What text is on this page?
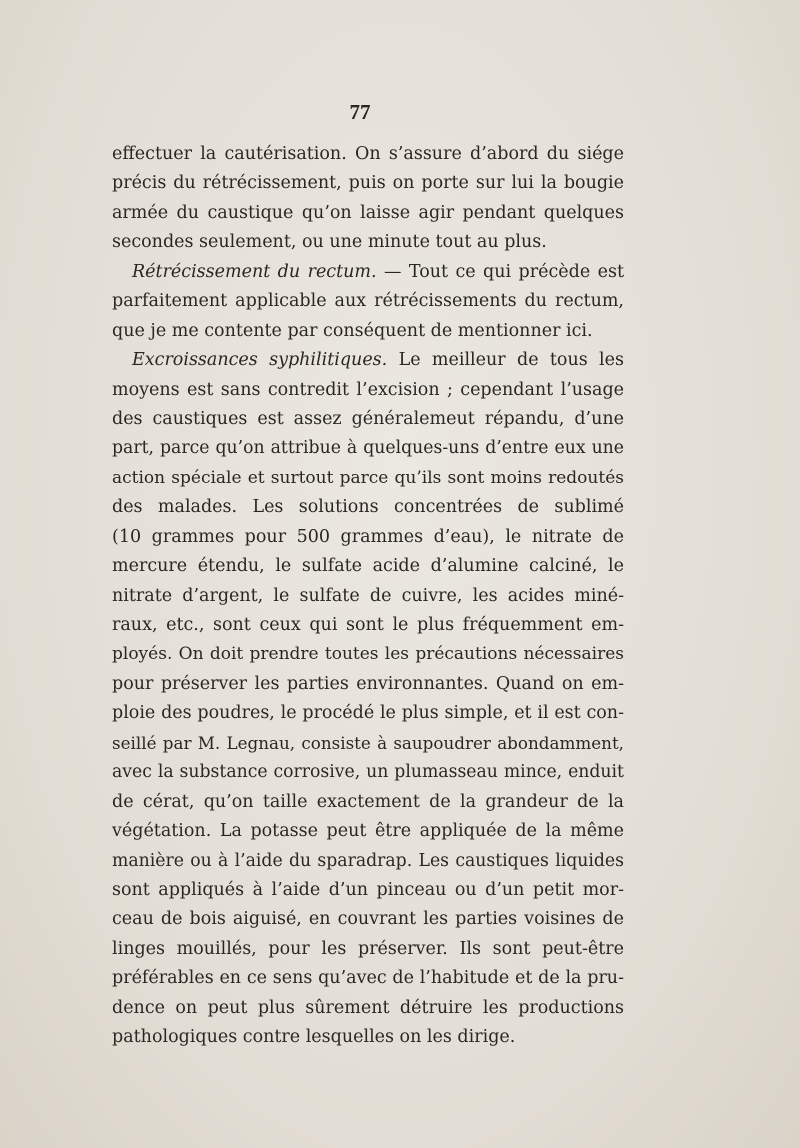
77
effectuer la cautérisation. On s’assure d’abord du siége
précis du rétrécissement, puis on porte sur lui la bougie
armée du caustique qu’on laisse agir pendant quelques
secondes seulement, ou une minute tout au plus.
Rétrécissement du rectum. — Tout ce qui précède est
parfaitement applicable aux rétrécissements du rectum,
que je me contente par conséquent de mentionner ici.
Excroissances syphilitiques. Le meilleur de tous les
moyens est sans contredit l’excision ; cependant l’usage
des caustiques est assez généralemeut répandu, d’une
part, parce qu’on attribue à quelques-uns d’entre eux une
action spéciale et surtout parce qu’ils sont moins redoutés
des malades. Les solutions concentrées de sublimé
(10 grammes pour 500 grammes d’eau), le nitrate de
mercure étendu, le sulfate acide d’alumine calciné, le
nitrate d’argent, le sulfate de cuivre, les acides miné-
raux, etc., sont ceux qui sont le plus fréquemment em-
ployés. On doit prendre toutes les précautions nécessaires
pour préserver les parties environnantes. Quand on em-
ploie des poudres, le procédé le plus simple, et il est con-
seillé par M. Legnau, consiste à saupoudrer abondamment,
avec la substance corrosive, un plumasseau mince, enduit
de cérat, qu’on taille exactement de la grandeur de la
végétation. La potasse peut être appliquée de la même
manière ou à l’aide du sparadrap. Les caustiques liquides
sont appliqués à l’aide d’un pinceau ou d’un petit mor-
ceau de bois aiguisé, en couvrant les parties voisines de
linges mouillés, pour les préserver. Ils sont peut-être
préférables en ce sens qu’avec de l’habitude et de la pru-
dence on peut plus sûrement détruire les productions
pathologiques contre lesquelles on les dirige.
